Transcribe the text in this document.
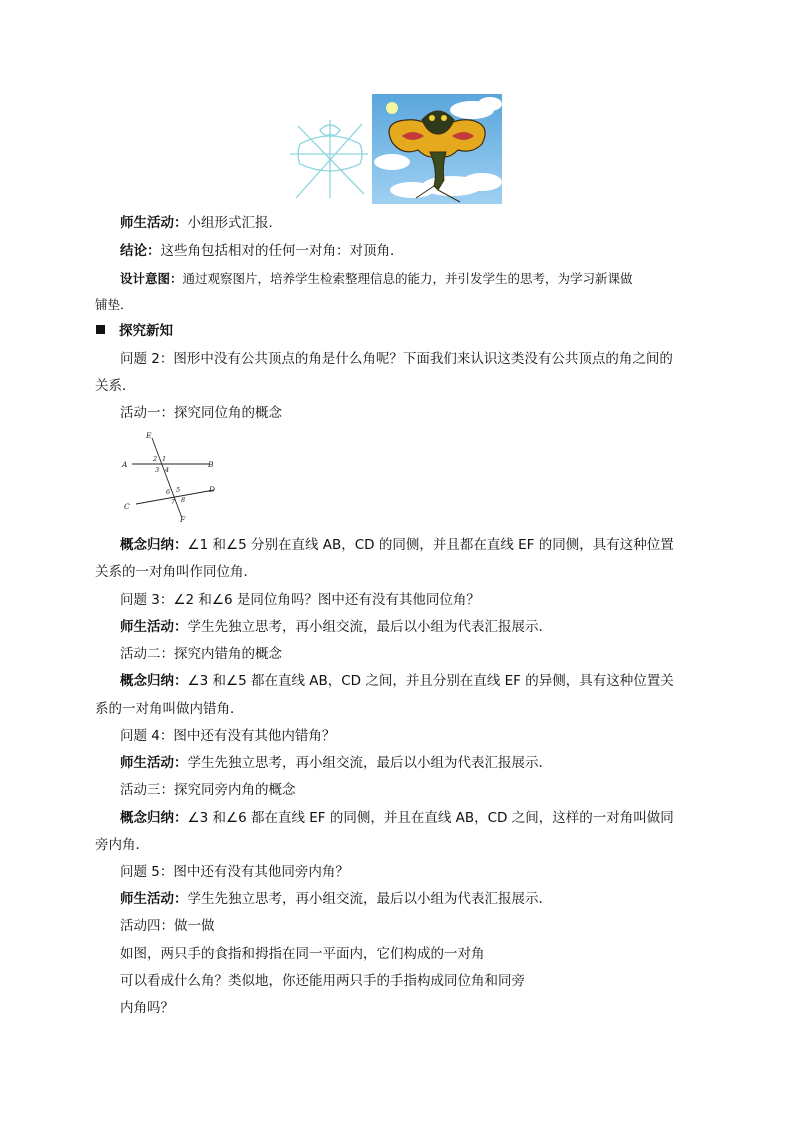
师生活动：小组形式汇报．
结论：这些角包括相对的任何一对角：对顶角．
设计意图：通过观察图片，培养学生检索整理信息的能力，并引发学生的思考，为学习新课做
铺垫．
探究新知
问题 2：图形中没有公共顶点的角是什么角呢？下面我们来认识这类没有公共顶点的角之间的
关系．
活动一：探究同位角的概念
E
A	B
C
D
F
1
2
3 4
5
6
7 8
概念归纳：∠1 和∠5 分别在直线 AB，CD 的同侧，并且都在直线 EF 的同侧，具有这种位置
关系的一对角叫作同位角．
问题 3：∠2 和∠6 是同位角吗？图中还有没有其他同位角？
师生活动：学生先独立思考，再小组交流，最后以小组为代表汇报展示．
活动二：探究内错角的概念
概念归纳：∠3 和∠5 都在直线 AB，CD 之间，并且分别在直线 EF 的异侧，具有这种位置关
系的一对角叫做内错角．
问题 4：图中还有没有其他内错角？
师生活动：学生先独立思考，再小组交流，最后以小组为代表汇报展示．
活动三：探究同旁内角的概念
概念归纳：∠3 和∠6 都在直线 EF 的同侧，并且在直线 AB，CD 之间，这样的一对角叫做同
旁内角．
问题 5：图中还有没有其他同旁内角？
师生活动：学生先独立思考，再小组交流，最后以小组为代表汇报展示．
活动四：做一做
如图，两只手的食指和拇指在同一平面内，它们构成的一对角
可以看成什么角？类似地，你还能用两只手的手指构成同位角和同旁
内角吗？
